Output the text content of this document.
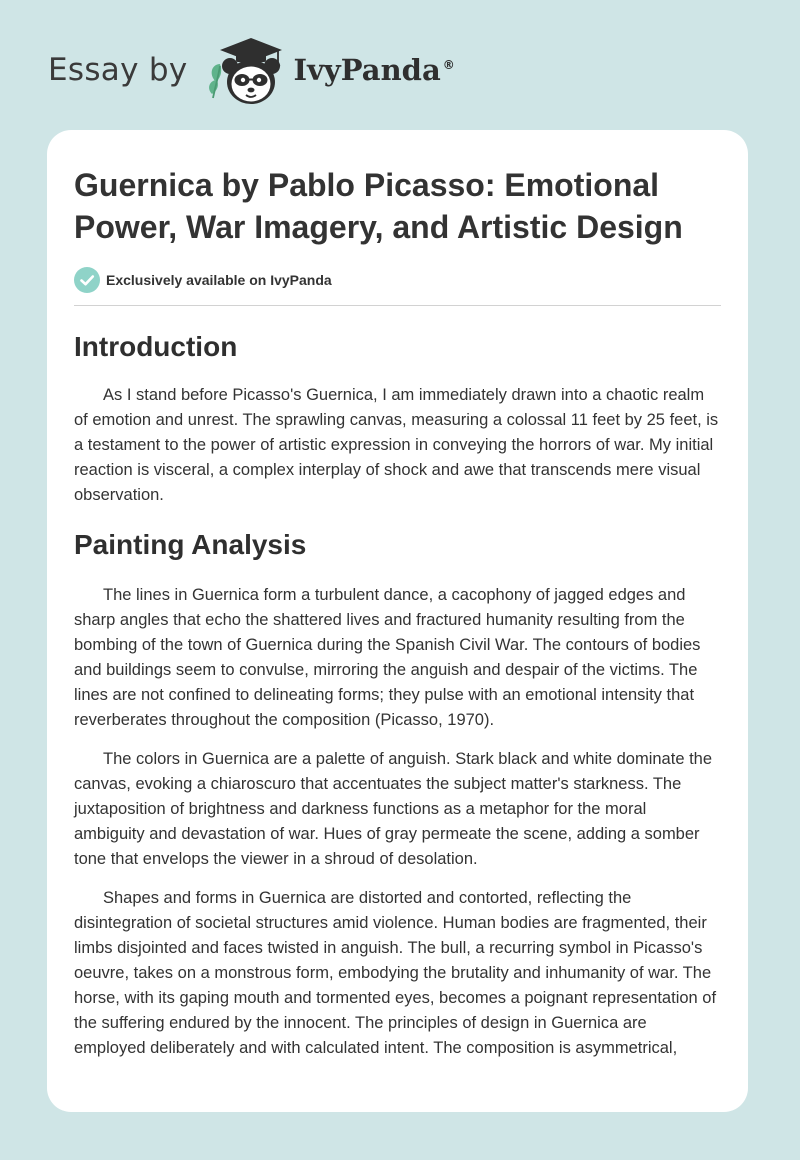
Essay by	IvyPanda ®
Guernica by Pablo Picasso: Emotional Power, War Imagery, and Artistic Design
Exclusively available on IvyPanda
Introduction

As I stand before Picasso's Guernica, I am immediately drawn into a chaotic realm of emotion and unrest. The sprawling canvas, measuring a colossal 11 feet by 25 feet, is a testament to the power of artistic expression in conveying the horrors of war. My initial reaction is visceral, a complex interplay of shock and awe that transcends mere visual observation.

Painting Analysis

The lines in Guernica form a turbulent dance, a cacophony of jagged edges and sharp angles that echo the shattered lives and fractured humanity resulting from the bombing of the town of Guernica during the Spanish Civil War. The contours of bodies and buildings seem to convulse, mirroring the anguish and despair of the victims. The lines are not confined to delineating forms; they pulse with an emotional intensity that reverberates throughout the composition (Picasso, 1970).

The colors in Guernica are a palette of anguish. Stark black and white dominate the canvas, evoking a chiaroscuro that accentuates the subject matter's starkness. The juxtaposition of brightness and darkness functions as a metaphor for the moral ambiguity and devastation of war. Hues of gray permeate the scene, adding a somber tone that envelops the viewer in a shroud of desolation.

Shapes and forms in Guernica are distorted and contorted, reflecting the disintegration of societal structures amid violence. Human bodies are fragmented, their limbs disjointed and faces twisted in anguish. The bull, a recurring symbol in Picasso's oeuvre, takes on a monstrous form, embodying the brutality and inhumanity of war. The horse, with its gaping mouth and tormented eyes, becomes a poignant representation of the suffering endured by the innocent. The principles of design in Guernica are employed deliberately and with calculated intent. The composition is asymmetrical,
